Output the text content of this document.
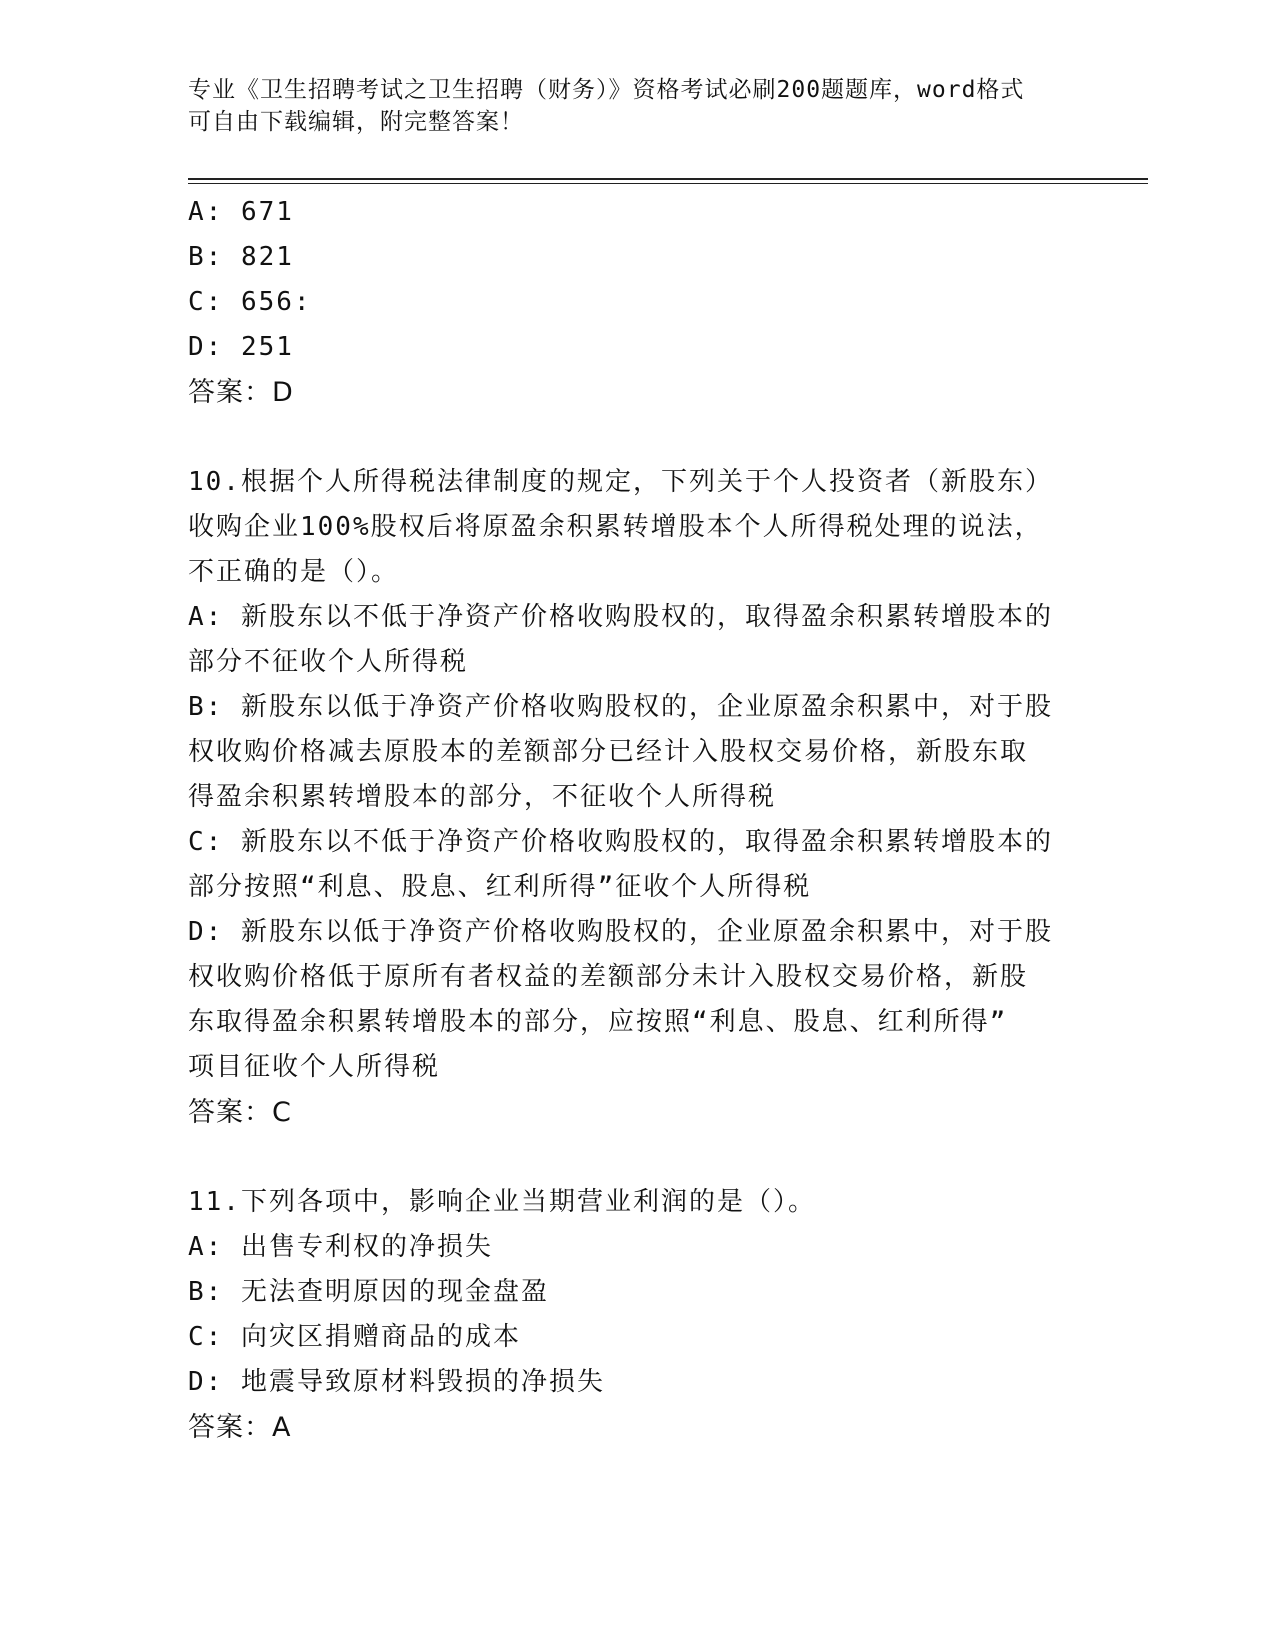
专业《卫生招聘考试之卫生招聘（财务）》资格考试必刷200题题库，word格式
可自由下载编辑，附完整答案！

A: 671

B: 821

C: 656:

D: 251

答案：D

10.根据个人所得税法律制度的规定，下列关于个人投资者（新股东）

收购企业100%股权后将原盈余积累转增股本个人所得税处理的说法，

不正确的是（）。

A: 新股东以不低于净资产价格收购股权的，取得盈余积累转增股本的

部分不征收个人所得税

B: 新股东以低于净资产价格收购股权的，企业原盈余积累中，对于股

权收购价格减去原股本的差额部分已经计入股权交易价格，新股东取

得盈余积累转增股本的部分，不征收个人所得税

C: 新股东以不低于净资产价格收购股权的，取得盈余积累转增股本的

部分按照“利息、股息、红利所得”征收个人所得税

D: 新股东以低于净资产价格收购股权的，企业原盈余积累中，对于股

权收购价格低于原所有者权益的差额部分未计入股权交易价格，新股

东取得盈余积累转增股本的部分，应按照“利息、股息、红利所得”

项目征收个人所得税

答案：C

11.下列各项中，影响企业当期营业利润的是（）。

A: 出售专利权的净损失

B: 无法查明原因的现金盘盈

C: 向灾区捐赠商品的成本

D: 地震导致原材料毁损的净损失

答案：A
